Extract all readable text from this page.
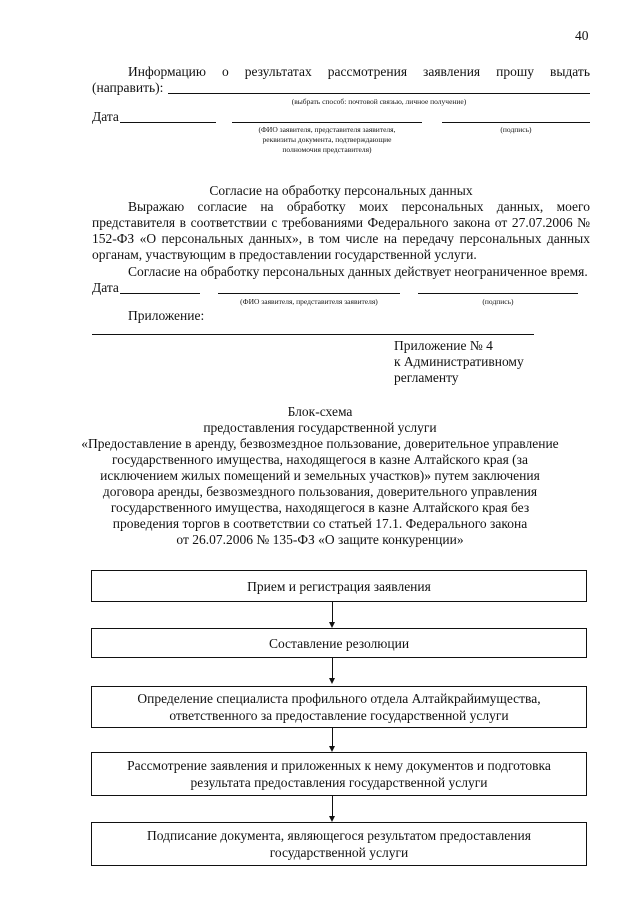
40
Информацию о результатах рассмотрения заявления прошу выдать
(направить):
(выбрать способ: почтовой связью, личное получение)
Дата
(ФИО заявителя, представителя заявителя,
реквизиты документа, подтверждающие
полномочия представителя)
(подпись)
Согласие на обработку персональных данных
Выражаю согласие на обработку моих персональных данных, моего
представителя в соответствии с требованиями Федерального закона от 27.07.2006 №
152-ФЗ «О персональных данных», в том числе на передачу персональных данных
органам, участвующим в предоставлении государственной услуги.
Согласие на обработку персональных данных действует неограниченное время.
Дата
(ФИО заявителя, представителя заявителя)	(подпись)
Приложение:
Приложение № 4
к Административному
регламенту
Блок-схема
предоставления государственной услуги
«Предоставление в аренду, безвозмездное пользование, доверительное управление
государственного имущества, находящегося в казне Алтайского края (за
исключением жилых помещений и земельных участков)» путем заключения
договора аренды, безвозмездного пользования, доверительного управления
государственного имущества, находящегося в казне Алтайского края без
проведения торгов в соответствии со статьей 17.1. Федерального закона
от 26.07.2006 № 135-ФЗ «О защите конкуренции»
Прием и регистрация заявления
Составление резолюции
Определение специалиста профильного отдела Алтайкрайимущества,
ответственного за предоставление государственной услуги
Рассмотрение заявления и приложенных к нему документов и подготовка
результата предоставления государственной услуги
Подписание документа, являющегося результатом предоставления
государственной услуги
